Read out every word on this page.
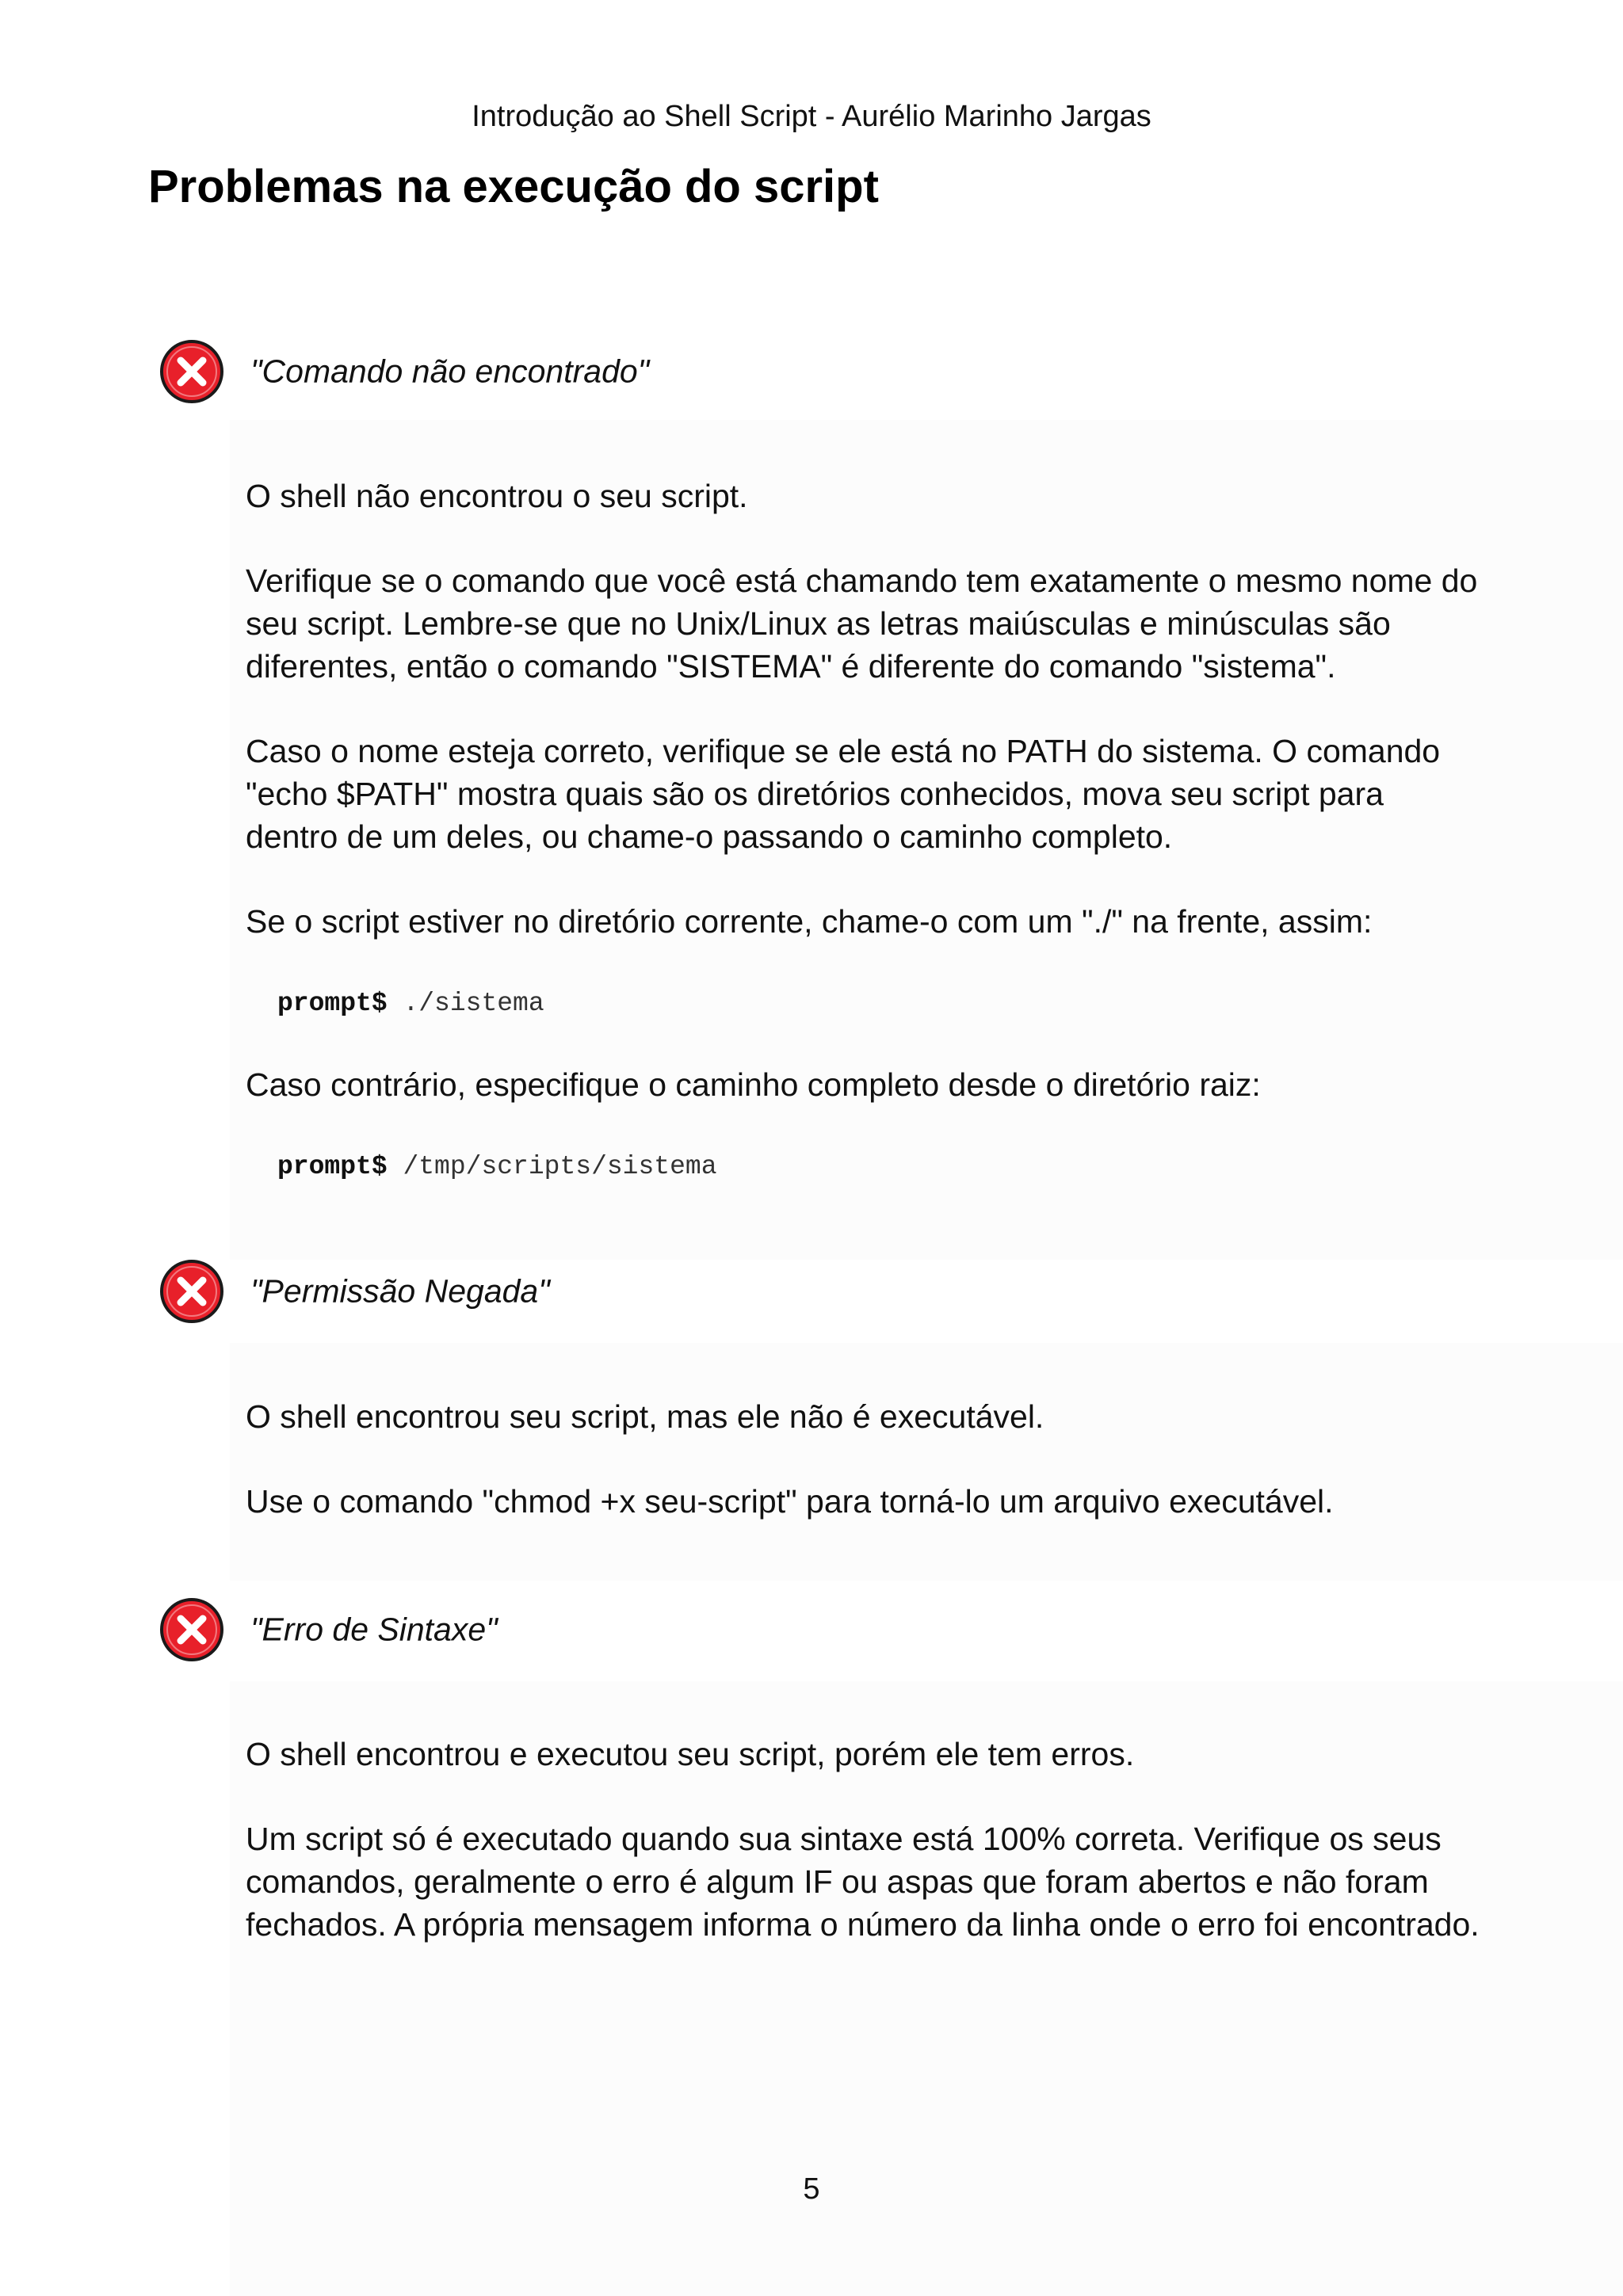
Introdução ao Shell Script - Aurélio Marinho Jargas
Problemas na execução do script
"Comando não encontrado"

O shell não encontrou o seu script.

Verifique se o comando que você está chamando tem exatamente o mesmo nome do seu script. Lembre-se que no Unix/Linux as letras maiúsculas e minúsculas são diferentes, então o comando "SISTEMA" é diferente do comando "sistema".

Caso o nome esteja correto, verifique se ele está no PATH do sistema. O comando "echo $PATH" mostra quais são os diretórios conhecidos, mova seu script para dentro de um deles, ou chame-o passando o caminho completo.

Se o script estiver no diretório corrente, chame-o com um "./" na frente, assim:

prompt$ ./sistema

Caso contrário, especifique o caminho completo desde o diretório raiz:

prompt$ /tmp/scripts/sistema
"Permissão Negada"

O shell encontrou seu script, mas ele não é executável.

Use o comando "chmod +x seu-script" para torná-lo um arquivo executável.

"Erro de Sintaxe"

O shell encontrou e executou seu script, porém ele tem erros.

Um script só é executado quando sua sintaxe está 100% correta. Verifique os seus comandos, geralmente o erro é algum IF ou aspas que foram abertos e não foram fechados. A própria mensagem informa o número da linha onde o erro foi encontrado.

5
